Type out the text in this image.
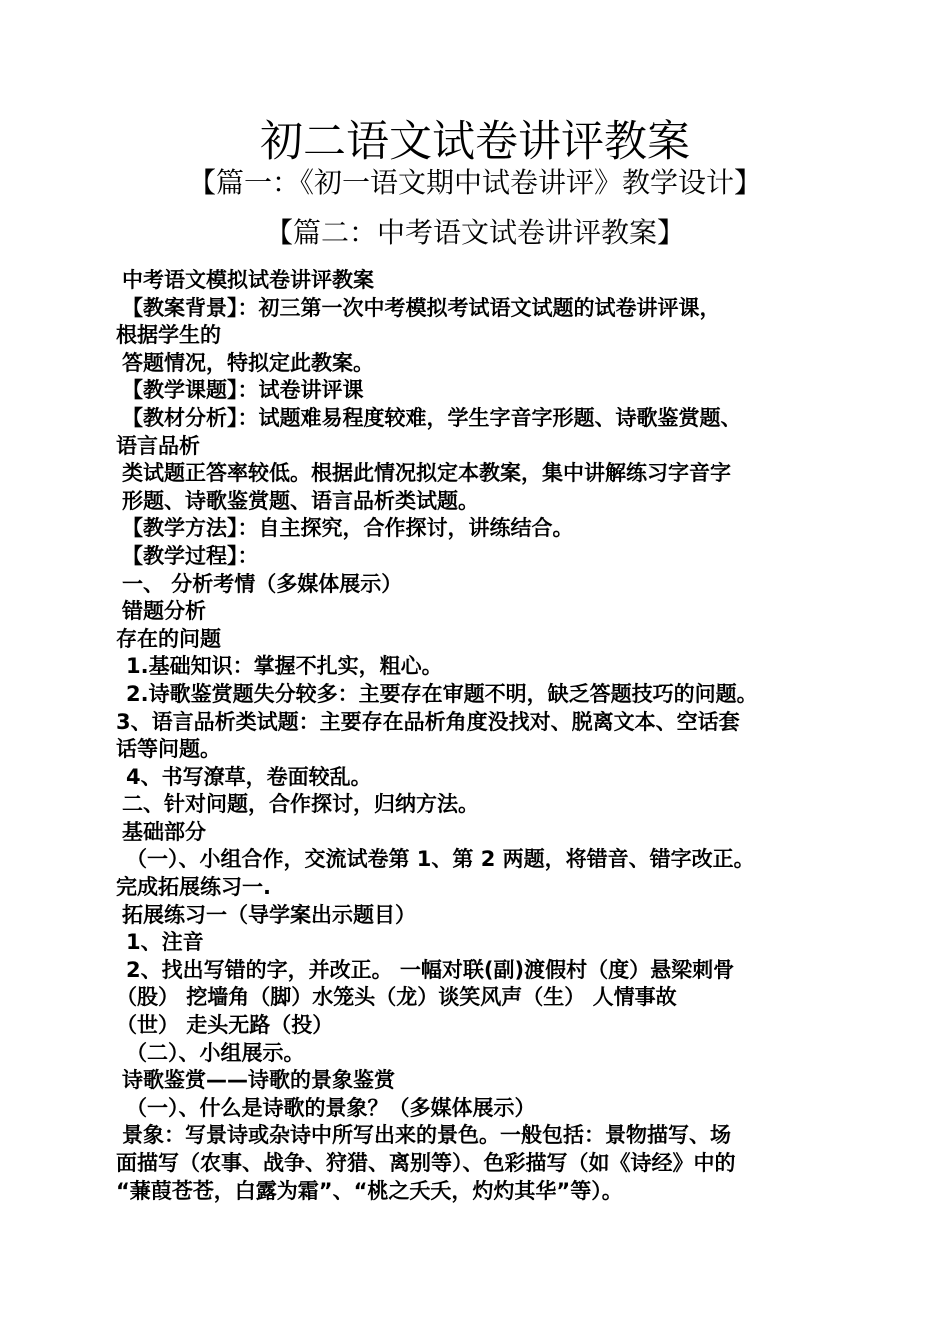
初二语文试卷讲评教案
【篇一：《初一语文期中试卷讲评》教学设计】
【篇二：中考语文试卷讲评教案】
中考语文模拟试卷讲评教案
【教案背景】：初三第一次中考模拟考试语文试题的试卷讲评课，
根据学生的
答题情况，特拟定此教案。
【教学课题】：试卷讲评课
【教材分析】：试题难易程度较难，学生字音字形题、诗歌鉴赏题、
语言品析
类试题正答率较低。根据此情况拟定本教案，集中讲解练习字音字
形题、诗歌鉴赏题、语言品析类试题。
【教学方法】：自主探究，合作探讨，讲练结合。
【教学过程】：
一、 分析考情（多媒体展示）
错题分析
存在的问题
1.基础知识：掌握不扎实，粗心。
2.诗歌鉴赏题失分较多：主要存在审题不明，缺乏答题技巧的问题。
3、语言品析类试题：主要存在品析角度没找对、脱离文本、空话套
话等问题。
4、书写潦草，卷面较乱。
二、针对问题，合作探讨，归纳方法。
基础部分
（一）、小组合作，交流试卷第 1、第 2 两题，将错音、错字改正。
完成拓展练习一.
拓展练习一（导学案出示题目）
1、注音
2、找出写错的字，并改正。 一幅对联(副)渡假村（度）悬梁刺骨
（股） 挖墙角（脚）水笼头（龙）谈笑风声（生） 人情事故
（世） 走头无路（投）
（二）、小组展示。
诗歌鉴赏——诗歌的景象鉴赏
（一）、什么是诗歌的景象？（多媒体展示）
景象：写景诗或杂诗中所写出来的景色。一般包括：景物描写、场
面描写（农事、战争、狩猎、离别等）、色彩描写（如《诗经》中的
“蒹葭苍苍，白露为霜”、“桃之夭夭，灼灼其华”等）。
